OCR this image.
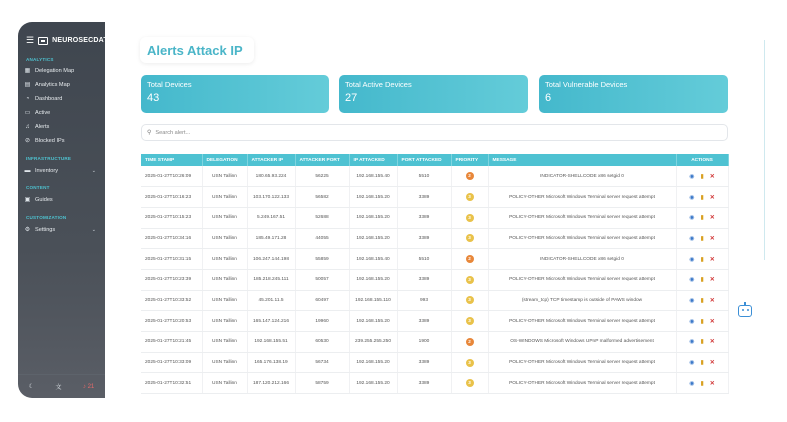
☰	NEUROSECDATA
ANALYTICS
▦ Delegation Map
▤ Analytics Map
◔	Dashboard
▭ Active
♫ Alerts
⊘ Blocked IPs
INFRASTRUCTURE
▬ Inventory	⌄
CONTENT
▣ Guides
CUSTOMIZATION
⚙ Settings	⌄
☾	文	♪ 21
Alerts Attack IP
Total Devices
43
Total Active Devices
27
Total Vulnerable Devices
6
⚲
Search alert...
TIME STAMP	DELEGATION	ATTACKER IP	ATTACKER PORT	IP ATTACKED	PORT ATTACKED	PRIORITY	MESSAGE	ACTIONS
2025-01-27T10:26:09	USN Tallinn	180.65.93.224	56225	192.168.155.40	5510	2	INDICATOR-SHELLCODE x86 setgid 0	◉ ▮ ✕

2025-01-27T10:16:23	USN Tallinn	103.170.122.133	56582	192.168.155.20	3389	3	POLICY-OTHER Microsoft Windows Terminal server request attempt	◉ ▮ ✕

2025-01-27T10:15:23	USN Tallinn	5.249.167.51	52688	192.168.155.20	3389	3	POLICY-OTHER Microsoft Windows Terminal server request attempt	◉ ▮ ✕

2025-01-27T10:34:16	USN Tallinn	185.49.171.28	44055	192.168.155.20	3389	3	POLICY-OTHER Microsoft Windows Terminal server request attempt	◉ ▮ ✕

2025-01-27T10:31:15	USN Tallinn	106.247.144.198	55859	192.168.155.40	5510	2	INDICATOR-SHELLCODE x86 setgid 0	◉ ▮ ✕

2025-01-27T10:23:39	USN Tallinn	185.218.245.111	50057	192.168.155.20	3389	3	POLICY-OTHER Microsoft Windows Terminal server request attempt	◉ ▮ ✕

2025-01-27T10:33:52	USN Tallinn	45.201.11.5	60497	192.168.155.110	993	3	(stream_tcp) TCP timestamp is outside of PAWS window	◉ ▮ ✕

2025-01-27T10:20:53	USN Tallinn	165.147.124.216	19960	192.168.155.20	3389	3	POLICY-OTHER Microsoft Windows Terminal server request attempt	◉ ▮ ✕

2025-01-27T10:21:45	USN Tallinn	192.168.155.51	60530	239.255.255.250	1900	2	OS-WINDOWS Microsoft Windows UPnP malformed advertisement	◉ ▮ ✕

2025-01-27T10:33:09	USN Tallinn	165.176.138.19	56734	192.168.155.20	3389	3	POLICY-OTHER Microsoft Windows Terminal server request attempt	◉ ▮ ✕

2025-01-27T10:32:51	USN Tallinn	187.120.212.166	58759	192.168.155.20	3389	3	POLICY-OTHER Microsoft Windows Terminal server request attempt	◉ ▮ ✕
